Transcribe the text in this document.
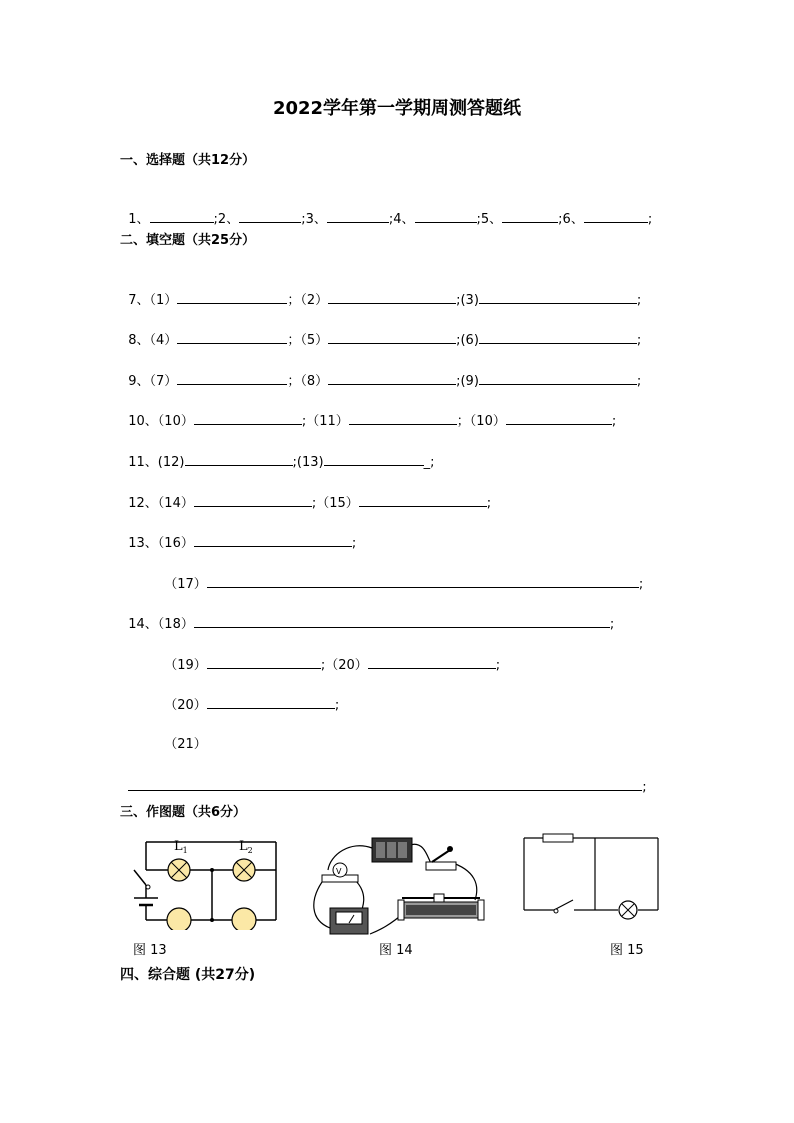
2022学年第一学期周测答题纸
一、选择题（共12分）

1、	;2、	;3、	;4、	;5、	;6、	;

二、填空题（共25分）

7、（1）	；（2）	;(3)	;

8、（4）	；（5）	;(6)	;

9、（7）	；（8）	;(9)	;

10、（10）	;（11）	；（10）	;

11、(12)	;(13)	_;

12、（14）	;（15）	;

13、（16）	;

（17）	;

14、（18）	;

（19）	;（20）	;

（20）	;

（21）

;

三、作图题（共6分）
$L_1$	$L_2$
V
图 13	图 14	图 15
四、综合题 (共27分)
